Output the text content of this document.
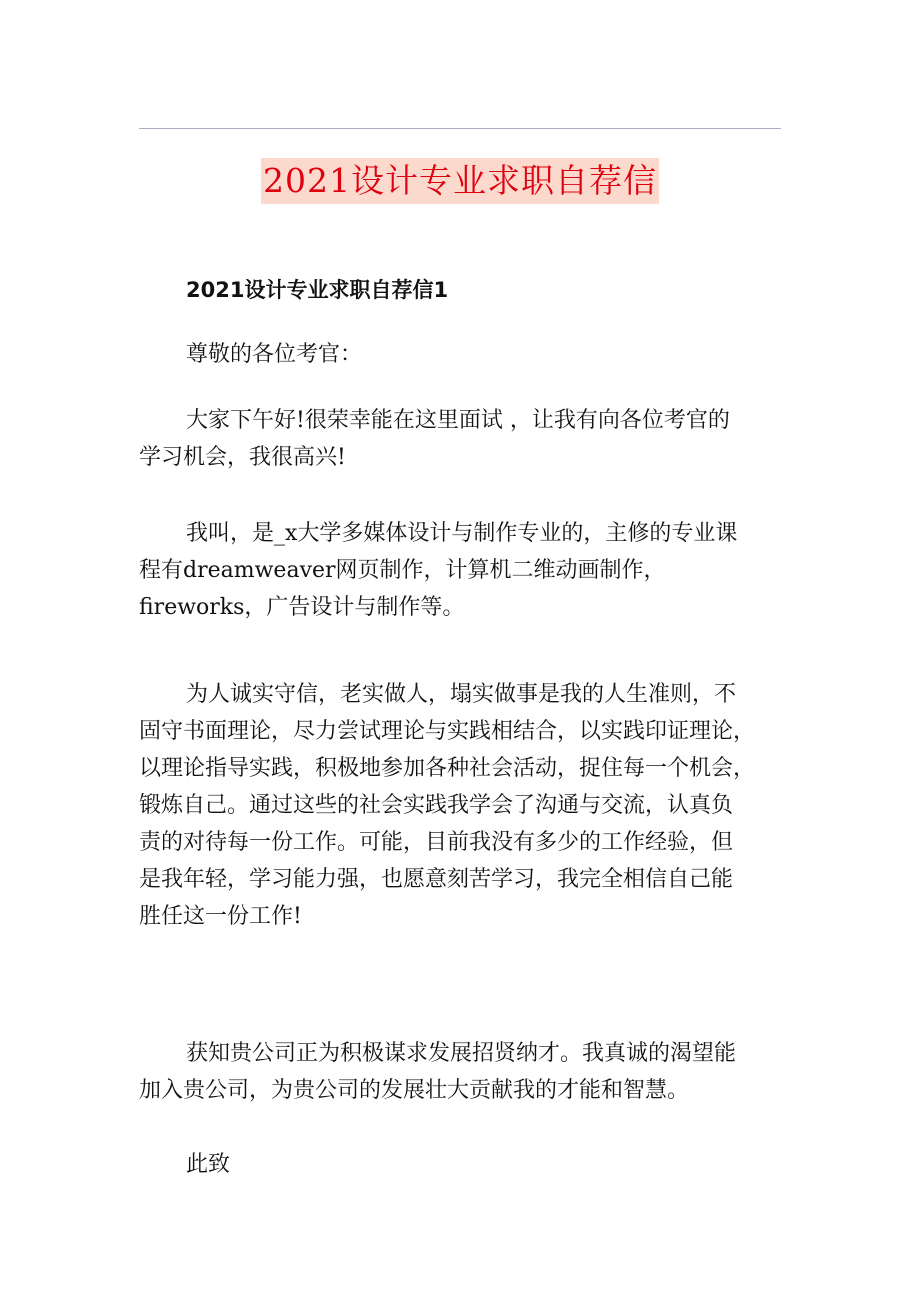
2021设计专业求职自荐信
2021设计专业求职自荐信1
尊敬的各位考官：
大家下午好!很荣幸能在这里面试 ，让我有向各位考官的
学习机会，我很高兴!
我叫，是_x大学多媒体设计与制作专业的，主修的专业课
程有dreamweaver网页制作，计算机二维动画制作，
fireworks，广告设计与制作等。
为人诚实守信，老实做人，塌实做事是我的人生准则，不
固守书面理论，尽力尝试理论与实践相结合，以实践印证理论，
以理论指导实践，积极地参加各种社会活动，捉住每一个机会，
锻炼自己。通过这些的社会实践我学会了沟通与交流，认真负
责的对待每一份工作。可能，目前我没有多少的工作经验，但
是我年轻，学习能力强，也愿意刻苦学习，我完全相信自己能
胜任这一份工作!
获知贵公司正为积极谋求发展招贤纳才。我真诚的渴望能
加入贵公司，为贵公司的发展壮大贡献我的才能和智慧。
此致
